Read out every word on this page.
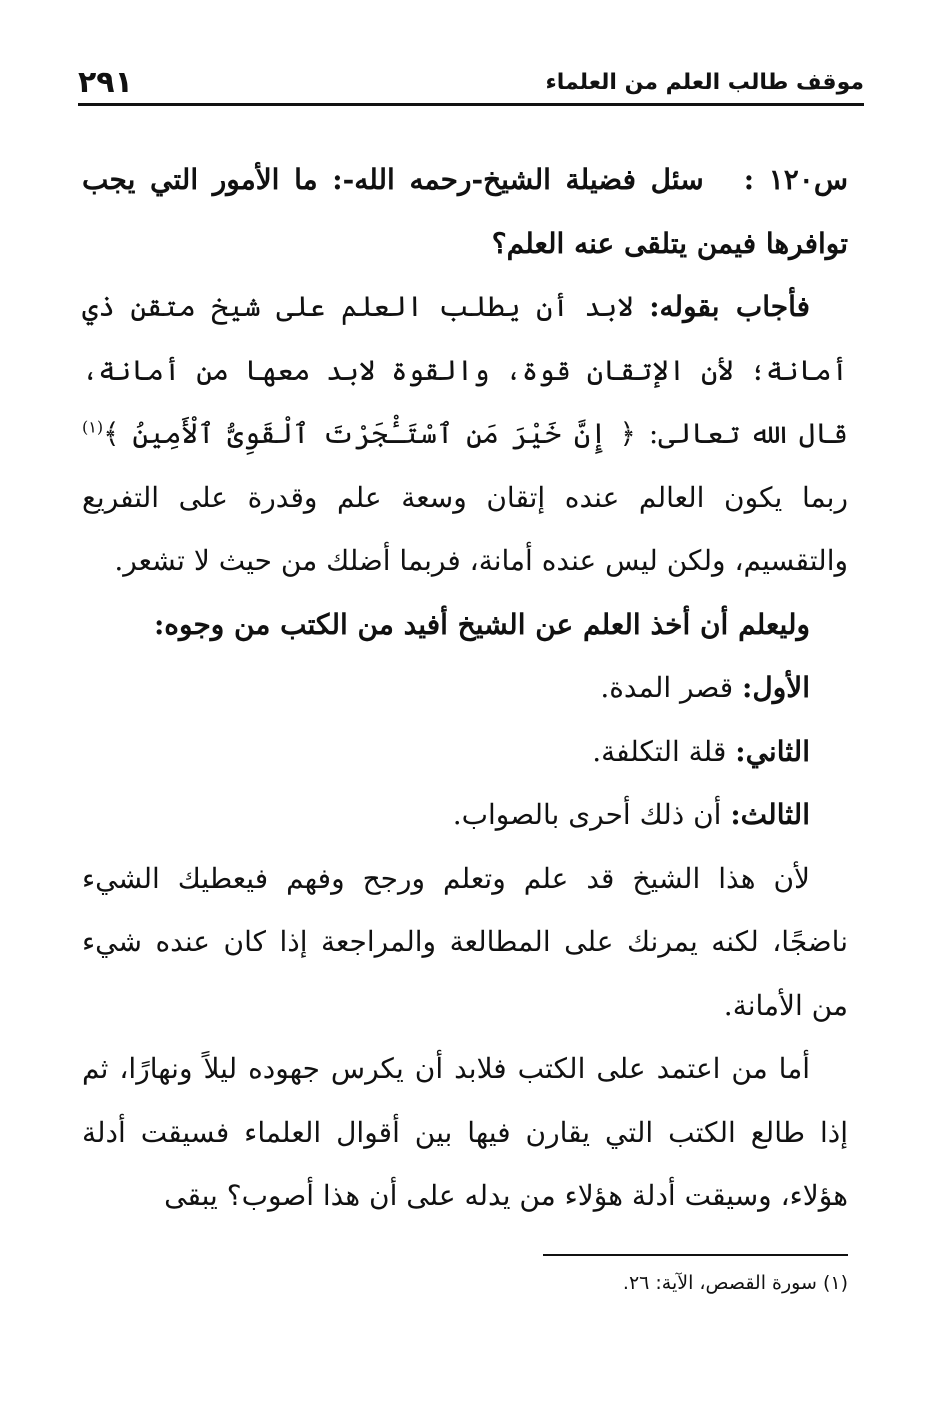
موقف طالب العلم من العلماء
٢٩١

س١٢٠ :سئل فضيلة الشيخ-رحمه الله-: ما الأمور التي يجب توافرها فيمن يتلقى عنه العلم؟

فأجاب بقوله: لابد أن يطلب العلم على شيخ متقن ذي أمانة؛ لأن الإتقان قوة، والقوة لابد معها من أمانة، قال الله تعالى: ﴿ إِنَّ خَيْرَ مَنِ ٱسْتَـْٔجَرْتَ ٱلْقَوِىُّ ٱلْأَمِينُ ﴾$^{(١)}$ ربما يكون العالم عنده إتقان وسعة علم وقدرة على التفريع والتقسيم، ولكن ليس عنده أمانة، فربما أضلك من حيث لا تشعر.

وليعلم أن أخذ العلم عن الشيخ أفيد من الكتب من وجوه:

الأول: قصر المدة.

الثاني: قلة التكلفة.

الثالث: أن ذلك أحرى بالصواب.

لأن هذا الشيخ قد علم وتعلم ورجح وفهم فيعطيك الشيء ناضجًا، لكنه يمرنك على المطالعة والمراجعة إذا كان عنده شيء من الأمانة.

أما من اعتمد على الكتب فلابد أن يكرس جهوده ليلاً ونهارًا، ثم إذا طالع الكتب التي يقارن فيها بين أقوال العلماء فسيقت أدلة هؤلاء، وسيقت أدلة هؤلاء من يدله على أن هذا أصوب؟ يبقى

(١) سورة القصص، الآية: ٢٦.
